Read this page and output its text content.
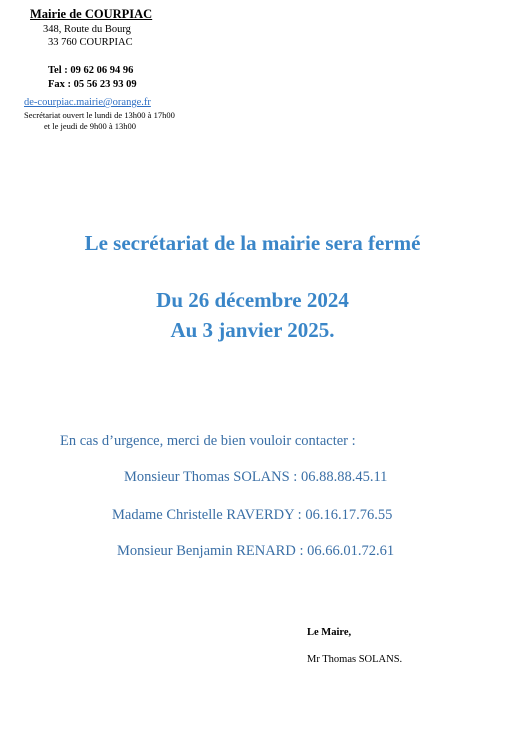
Mairie de COURPIAC
348, Route du Bourg
33 760 COURPIAC
Tel : 09 62 06 94 96
Fax : 05 56 23 93 09
de-courpiac.mairie@orange.fr
Secrétariat ouvert le lundi de 13h00 à 17h00
et le jeudi de 9h00 à 13h00
Le secrétariat de la mairie sera fermé
Du 26 décembre 2024
Au 3 janvier 2025.
En cas d’urgence, merci de bien vouloir contacter :
Monsieur Thomas SOLANS : 06.88.88.45.11
Madame Christelle RAVERDY : 06.16.17.76.55
Monsieur Benjamin RENARD : 06.66.01.72.61
Le Maire,
Mr Thomas SOLANS.
